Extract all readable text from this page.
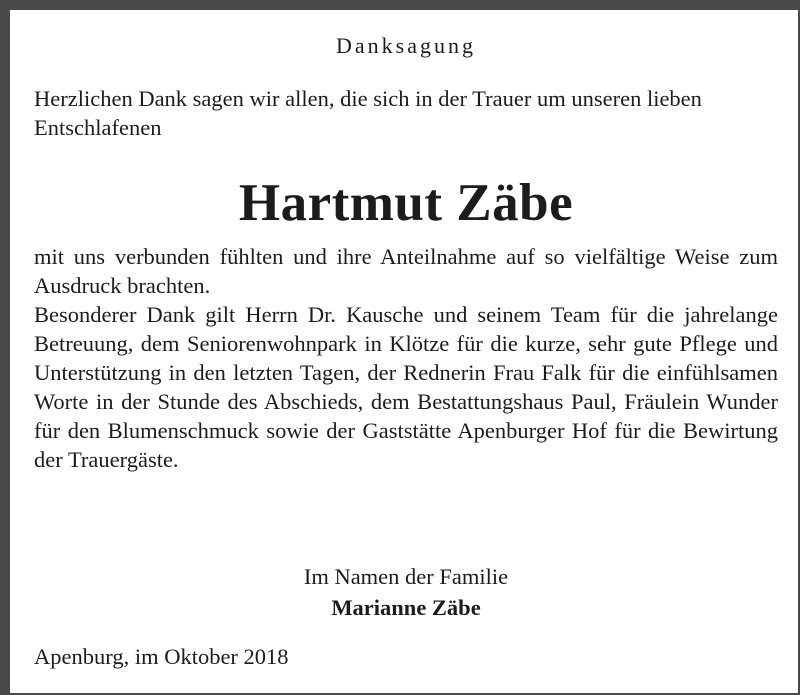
Danksagung
Herzlichen Dank sagen wir allen, die sich in der Trauer um unseren lieben Entschlafenen
Hartmut Zäbe

mit uns verbunden fühlten und ihre Anteilnahme auf so vielfältige Weise zum Ausdruck brachten.

Besonderer Dank gilt Herrn Dr. Kausche und seinem Team für die jahrelange Betreuung, dem Seniorenwohnpark in Klötze für die kurze, sehr gute Pflege und Unterstützung in den letzten Tagen, der Rednerin Frau Falk für die einfühlsamen Worte in der Stunde des Abschieds, dem Bestattungshaus Paul, Fräulein Wunder für den Blumenschmuck sowie der Gaststätte Apenburger Hof für die Bewirtung der Trauergäste.

Im Namen der Familie
Marianne Zäbe
Apenburg, im Oktober 2018
